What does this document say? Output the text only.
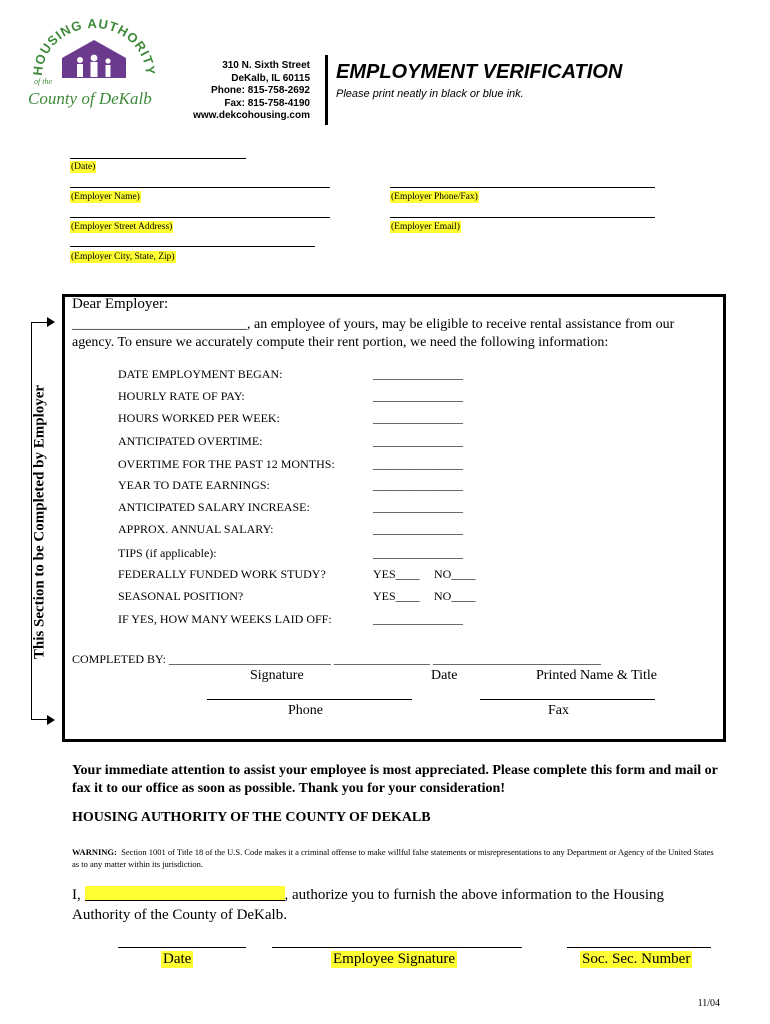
HOUSING AUTHORITY
of the
County of DeKalb
310 N. Sixth Street
DeKalb, IL 60115
Phone: 815-758-2692
Fax: 815-758-4190
www.dekcohousing.com
EMPLOYMENT VERIFICATION
Please print neatly in black or blue ink.
(Date)
(Employer Name)	(Employer Phone/Fax)
(Employer Street Address)	(Employer Email)
(Employer City, State, Zip)
This Section to be Completed by Employer
Dear Employer:
_________________________, an employee of yours, may be eligible to receive rental assistance from our agency. To ensure we accurately compute their rent portion, we need the following information:
DATE EMPLOYMENT BEGAN:	_______________
HOURLY RATE OF PAY:	_______________
HOURS WORKED PER WEEK:	_______________
ANTICIPATED OVERTIME:	_______________
OVERTIME FOR THE PAST 12 MONTHS:	_______________
YEAR TO DATE EARNINGS:	_______________
ANTICIPATED SALARY INCREASE:	_______________
APPROX. ANNUAL SALARY:	_______________
TIPS (if applicable):	_______________
FEDERALLY FUNDED WORK STUDY?	YES____ NO____
SEASONAL POSITION?	YES____ NO____
IF YES, HOW MANY WEEKS LAID OFF:	_______________
COMPLETED BY: ___________________________ ________________ ____________________________
Signature	Date	Printed Name & Title
Phone	Fax
Your immediate attention to assist your employee is most appreciated. Please complete this form and mail or fax it to our office as soon as possible. Thank you for your consideration!
HOUSING AUTHORITY OF THE COUNTY OF DEKALB
WARNING: Section 1001 of Title 18 of the U.S. Code makes it a criminal offense to make willful false statements or misrepresentations to any Department or Agency of the United States as to any matter within its jurisdiction.
I,	, authorize you to furnish the above information to the Housing Authority of the County of DeKalb.
Date	Employee Signature	Soc. Sec. Number
11/04
